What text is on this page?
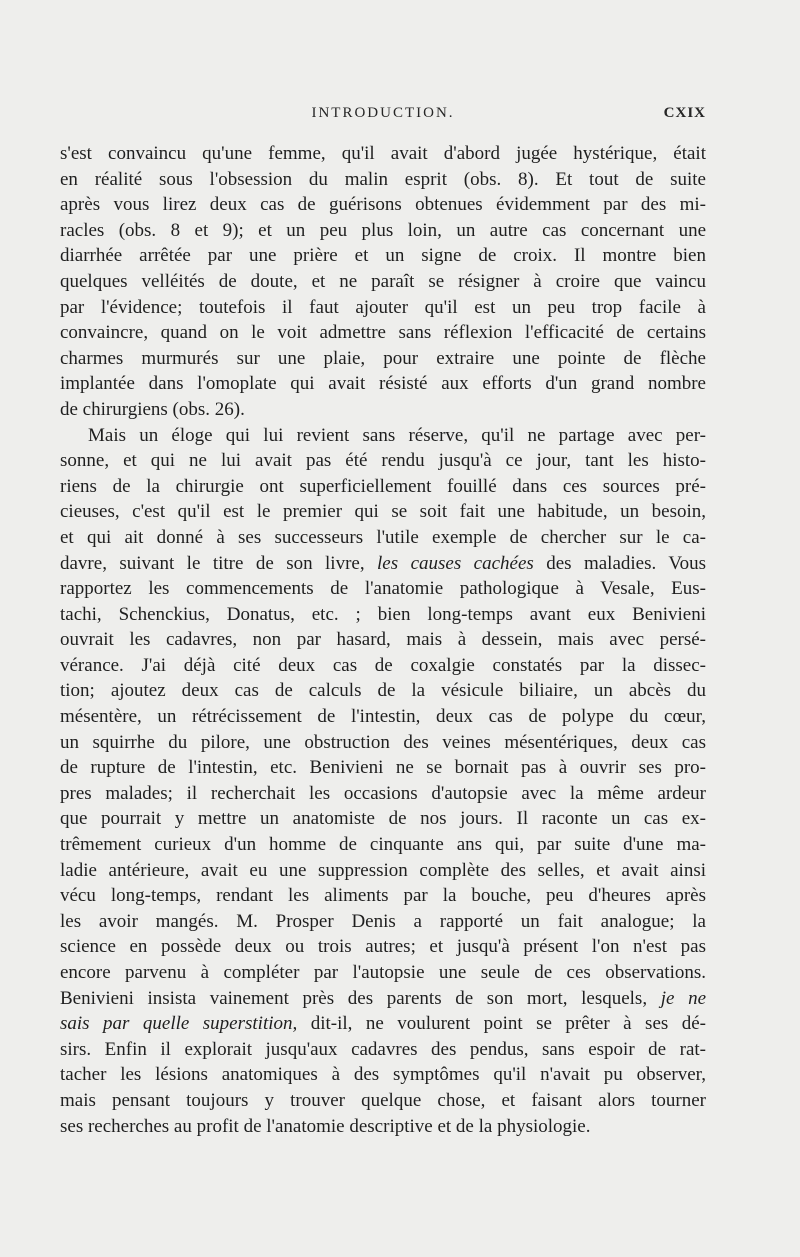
INTRODUCTION.	CXIX
s'est convaincu qu'une femme, qu'il avait d'abord jugée hystérique, était
en réalité sous l'obsession du malin esprit (obs. 8). Et tout de suite
après vous lirez deux cas de guérisons obtenues évidemment par des mi-
racles (obs. 8 et 9); et un peu plus loin, un autre cas concernant une
diarrhée arrêtée par une prière et un signe de croix. Il montre bien
quelques velléités de doute, et ne paraît se résigner à croire que vaincu
par l'évidence; toutefois il faut ajouter qu'il est un peu trop facile à
convaincre, quand on le voit admettre sans réflexion l'efficacité de certains
charmes murmurés sur une plaie, pour extraire une pointe de flèche
implantée dans l'omoplate qui avait résisté aux efforts d'un grand nombre
de chirurgiens (obs. 26).
Mais un éloge qui lui revient sans réserve, qu'il ne partage avec per-
sonne, et qui ne lui avait pas été rendu jusqu'à ce jour, tant les histo-
riens de la chirurgie ont superficiellement fouillé dans ces sources pré-
cieuses, c'est qu'il est le premier qui se soit fait une habitude, un besoin,
et qui ait donné à ses successeurs l'utile exemple de chercher sur le ca-
davre, suivant le titre de son livre, les causes cachées des maladies. Vous
rapportez les commencements de l'anatomie pathologique à Vesale, Eus-
tachi, Schenckius, Donatus, etc. ; bien long-temps avant eux Benivieni
ouvrait les cadavres, non par hasard, mais à dessein, mais avec persé-
vérance. J'ai déjà cité deux cas de coxalgie constatés par la dissec-
tion; ajoutez deux cas de calculs de la vésicule biliaire, un abcès du
mésentère, un rétrécissement de l'intestin, deux cas de polype du cœur,
un squirrhe du pilore, une obstruction des veines mésentériques, deux cas
de rupture de l'intestin, etc. Benivieni ne se bornait pas à ouvrir ses pro-
pres malades; il recherchait les occasions d'autopsie avec la même ardeur
que pourrait y mettre un anatomiste de nos jours. Il raconte un cas ex-
trêmement curieux d'un homme de cinquante ans qui, par suite d'une ma-
ladie antérieure, avait eu une suppression complète des selles, et avait ainsi
vécu long-temps, rendant les aliments par la bouche, peu d'heures après
les avoir mangés. M. Prosper Denis a rapporté un fait analogue; la
science en possède deux ou trois autres; et jusqu'à présent l'on n'est pas
encore parvenu à compléter par l'autopsie une seule de ces observations.
Benivieni insista vainement près des parents de son mort, lesquels, je ne
sais par quelle superstition, dit-il, ne voulurent point se prêter à ses dé-
sirs. Enfin il explorait jusqu'aux cadavres des pendus, sans espoir de rat-
tacher les lésions anatomiques à des symptômes qu'il n'avait pu observer,
mais pensant toujours y trouver quelque chose, et faisant alors tourner
ses recherches au profit de l'anatomie descriptive et de la physiologie.
